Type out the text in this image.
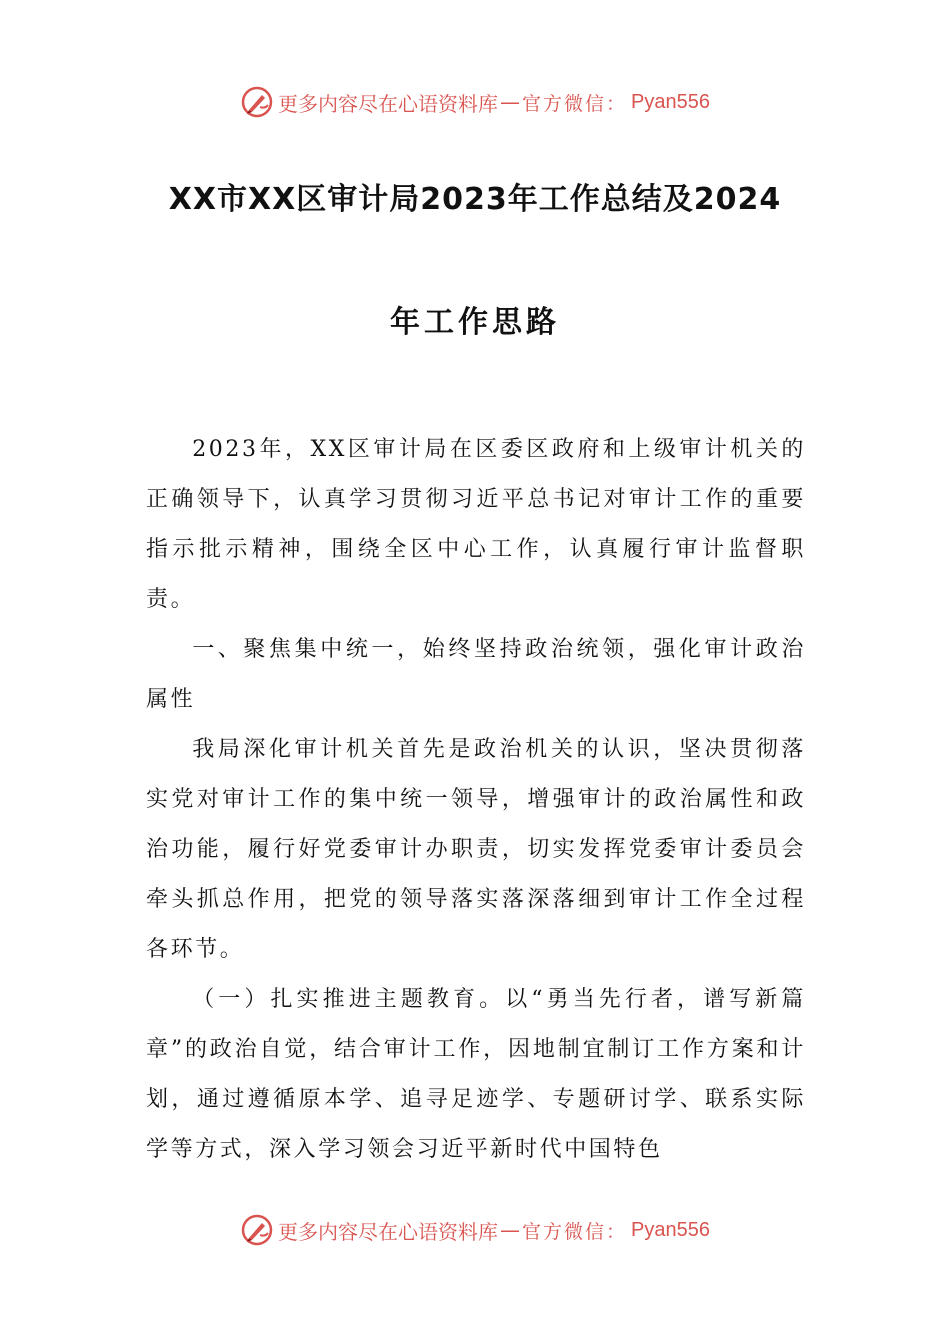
更多内容尽在心语资料库 — 官方微信： Pyan556
XX市XX区审计局2023年工作总结及2024
年工作思路

2023年，XX区审计局在区委区政府和上级审计机关的正确领导下，认真学习贯彻习近平总书记对审计工作的重要指示批示精神，围绕全区中心工作，认真履行审计监督职责。

一、聚焦集中统一，始终坚持政治统领，强化审计政治属性

我局深化审计机关首先是政治机关的认识，坚决贯彻落实党对审计工作的集中统一领导，增强审计的政治属性和政治功能，履行好党委审计办职责，切实发挥党委审计委员会牵头抓总作用，把党的领导落实落深落细到审计工作全过程各环节。

（一）扎实推进主题教育。以“勇当先行者，谱写新篇章”的政治自觉，结合审计工作，因地制宜制订工作方案和计划，通过遵循原本学、追寻足迹学、专题研讨学、联系实际学等方式，深入学习领会习近平新时代中国特色

更多内容尽在心语资料库 — 官方微信： Pyan556
